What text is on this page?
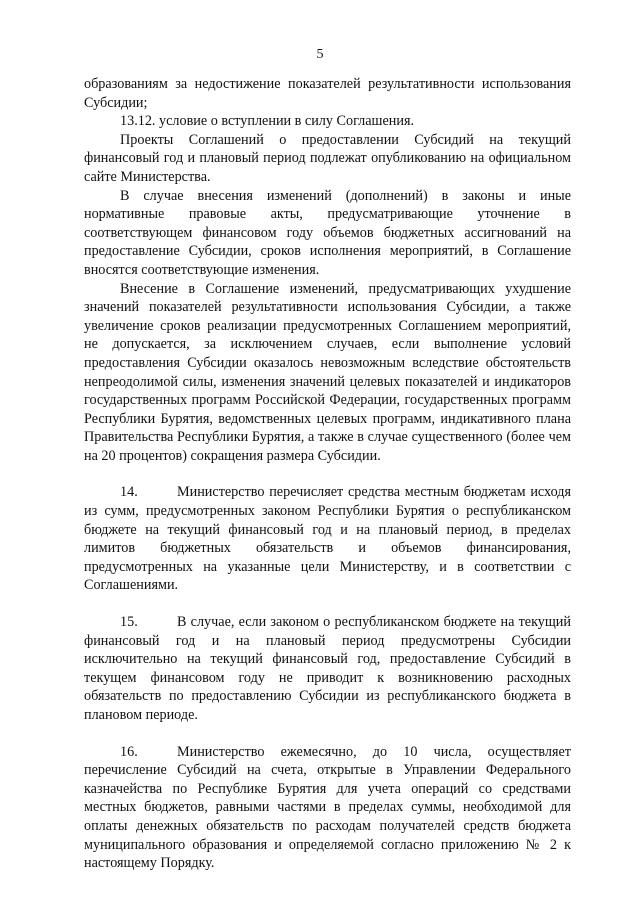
5

образованиям за недостижение показателей результативности использования Субсидии;

13.12. условие о вступлении в силу Соглашения.

Проекты Соглашений о предоставлении Субсидий на текущий финансовый год и плановый период подлежат опубликованию на официальном сайте Министерства.

В случае внесения изменений (дополнений) в законы и иные нормативные правовые акты, предусматривающие уточнение в соответствующем финансовом году объемов бюджетных ассигнований на предоставление Субсидии, сроков исполнения мероприятий, в Соглашение вносятся соответствующие изменения.

Внесение в Соглашение изменений, предусматривающих ухудшение значений показателей результативности использования Субсидии, а также увеличение сроков реализации предусмотренных Соглашением мероприятий, не допускается, за исключением случаев, если выполнение условий предоставления Субсидии оказалось невозможным вследствие обстоятельств непреодолимой силы, изменения значений целевых показателей и индикаторов государственных программ Российской Федерации, государственных программ Республики Бурятия, ведомственных целевых программ, индикативного плана Правительства Республики Бурятия, а также в случае существенного (более чем на 20 процентов) сокращения размера Субсидии.

14.	Министерство перечисляет средства местным бюджетам исходя из сумм, предусмотренных законом Республики Бурятия о республиканском бюджете на текущий финансовый год и на плановый период, в пределах лимитов бюджетных обязательств и объемов финансирования, предусмотренных на указанные цели Министерству, и в соответствии с Соглашениями.

15.	В случае, если законом о республиканском бюджете на текущий финансовый год и на плановый период предусмотрены Субсидии исключительно на текущий финансовый год, предоставление Субсидий в текущем финансовом году не приводит к возникновению расходных обязательств по предоставлению Субсидии из республиканского бюджета в плановом периоде.

16.	Министерство ежемесячно, до 10 числа, осуществляет перечисление Субсидий на счета, открытые в Управлении Федерального казначейства по Республике Бурятия для учета операций со средствами местных бюджетов, равными частями в пределах суммы, необходимой для оплаты денежных обязательств по расходам получателей средств бюджета муниципального образования и определяемой согласно приложению № 2 к настоящему Порядку.
